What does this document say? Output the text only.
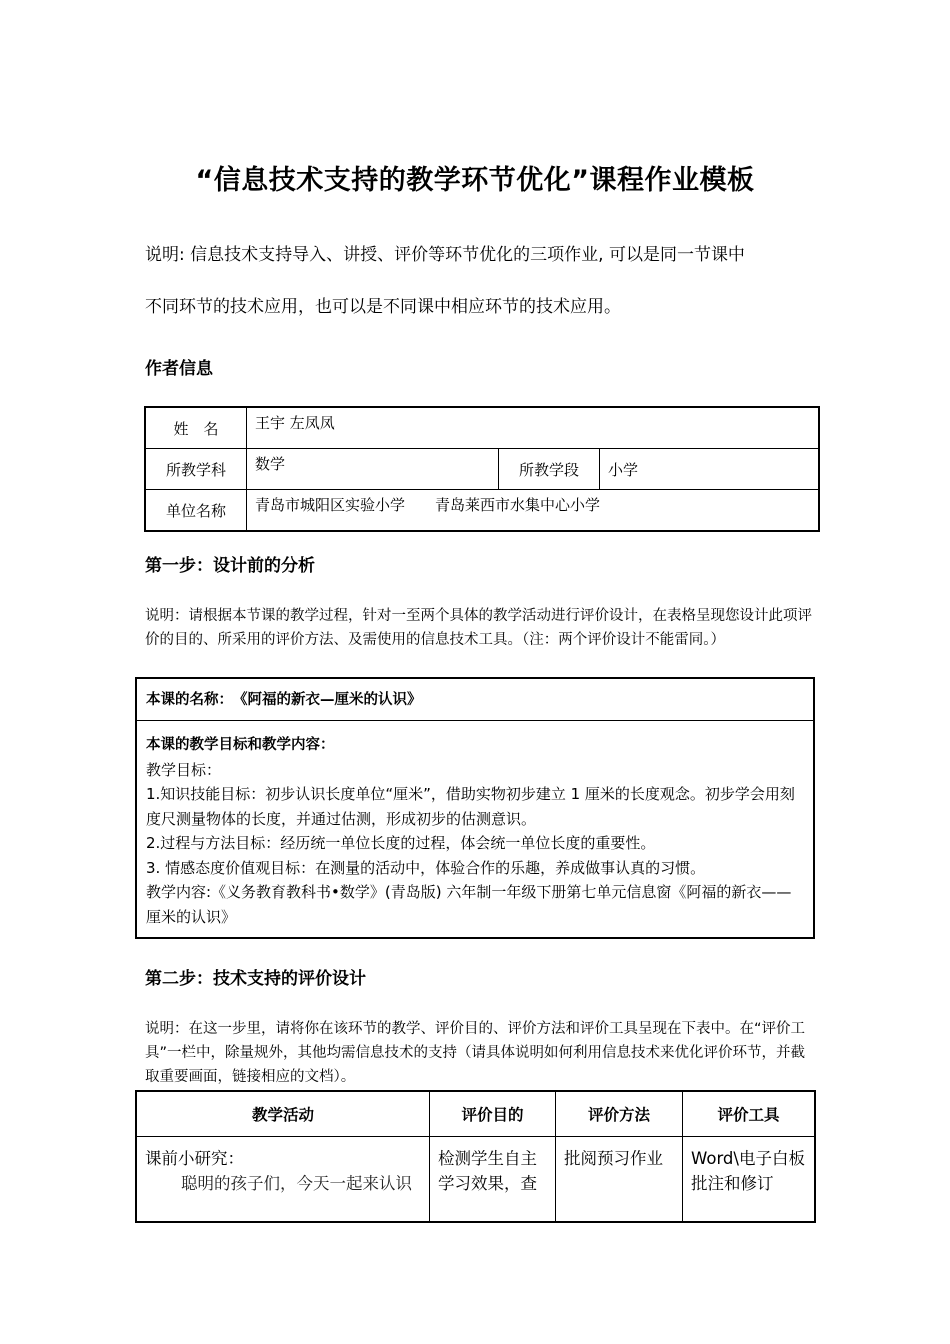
“信息技术支持的教学环节优化”课程作业模板
说明: 信息技术支持导入、讲授、评价等环节优化的三项作业, 可以是同一节课中
不同环节的技术应用，也可以是不同课中相应环节的技术应用。
作者信息
姓　名	王宇 左凤凤		
所教学科	数学	所教学段	小学
单位名称	青岛市城阳区实验小学　　青岛莱西市水集中心小学		
第一步：设计前的分析
说明：请根据本节课的教学过程，针对一至两个具体的教学活动进行评价设计，在表格呈现您设计此项评价的目的、所采用的评价方法、及需使用的信息技术工具。（注：两个评价设计不能雷同。）
本课的名称：　《阿福的新衣—厘米的认识》
本课的教学目标和教学内容：
教学目标：
1.知识技能目标：初步认识长度单位“厘米”，借助实物初步建立 1 厘米的长度观念。初步学会用刻度尺测量物体的长度，并通过估测，形成初步的估测意识。
2.过程与方法目标：经历统一单位长度的过程，体会统一单位长度的重要性。
3. 情感态度价值观目标：在测量的活动中，体验合作的乐趣，养成做事认真的习惯。
教学内容:《义务教育教科书•数学》(青岛版) 六年制一年级下册第七单元信息窗《阿福的新衣——厘米的认识》
第二步：技术支持的评价设计
说明：在这一步里，请将你在该环节的教学、评价目的、评价方法和评价工具呈现在下表中。在“评价工具”一栏中，除量规外，其他均需信息技术的支持（请具体说明如何利用信息技术来优化评价环节，并截取重要画面，链接相应的文档）。
教学活动	评价目的	评价方法	评价工具

课前小研究：
聪明的孩子们，今天一起来认识	检测学生自主学习效果，查	批阅预习作业	Word\电子白板批注和修订
